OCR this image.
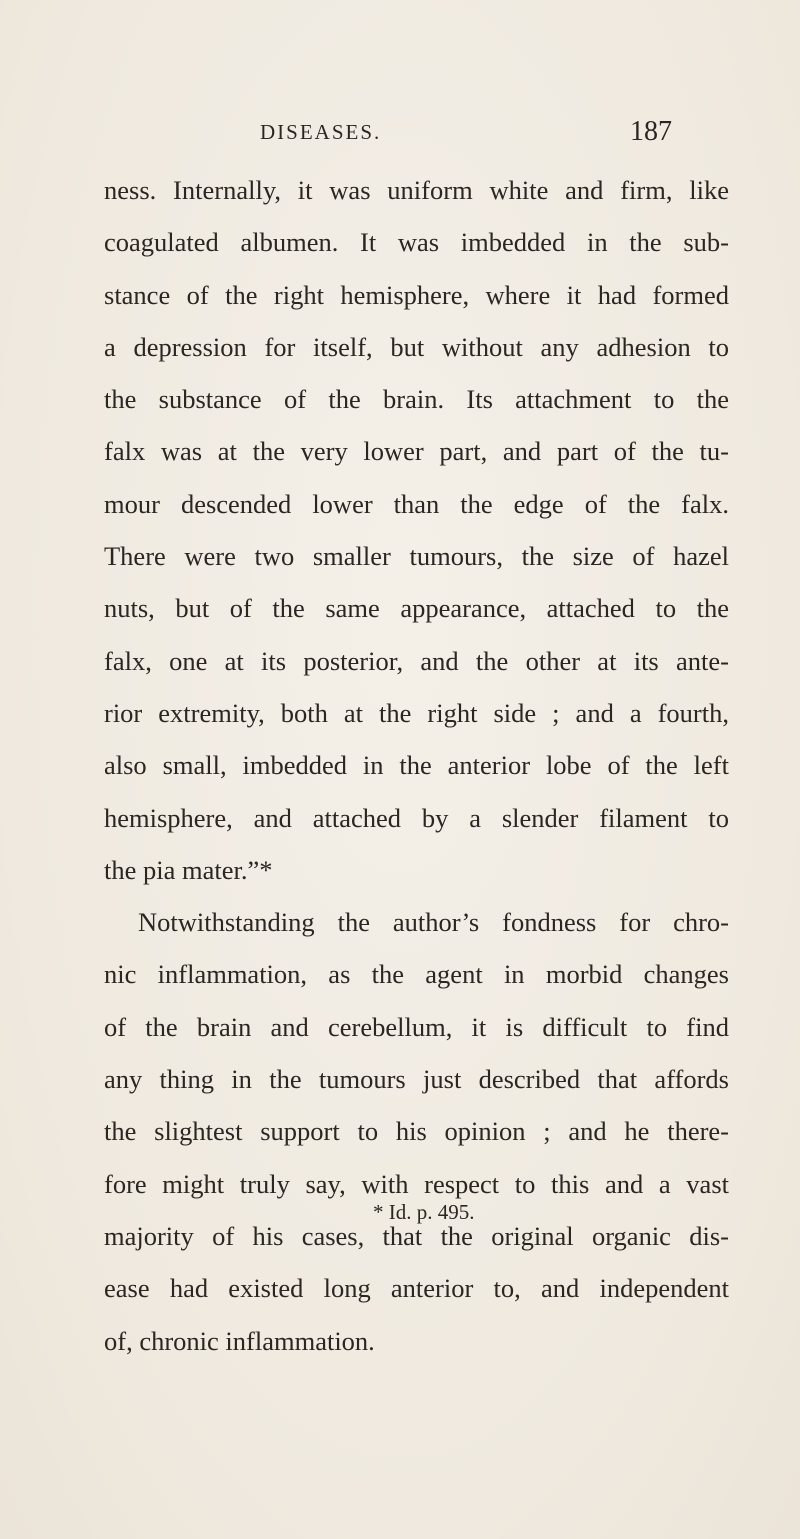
DISEASES.	187
ness. Internally, it was uniform white and firm, like
coagulated albumen. It was imbedded in the sub-
stance of the right hemisphere, where it had formed
a depression for itself, but without any adhesion to
the substance of the brain. Its attachment to the
falx was at the very lower part, and part of the tu-
mour descended lower than the edge of the falx.
There were two smaller tumours, the size of hazel
nuts, but of the same appearance, attached to the
falx, one at its posterior, and the other at its ante-
rior extremity, both at the right side ; and a fourth,
also small, imbedded in the anterior lobe of the left
hemisphere, and attached by a slender filament to
the pia mater.”*
Notwithstanding the author’s fondness for chro-
nic inflammation, as the agent in morbid changes
of the brain and cerebellum, it is difficult to find
any thing in the tumours just described that affords
the slightest support to his opinion ; and he there-
fore might truly say, with respect to this and a vast
majority of his cases, that the original organic dis-
ease had existed long anterior to, and independent
of, chronic inflammation.
* Id. p. 495.
